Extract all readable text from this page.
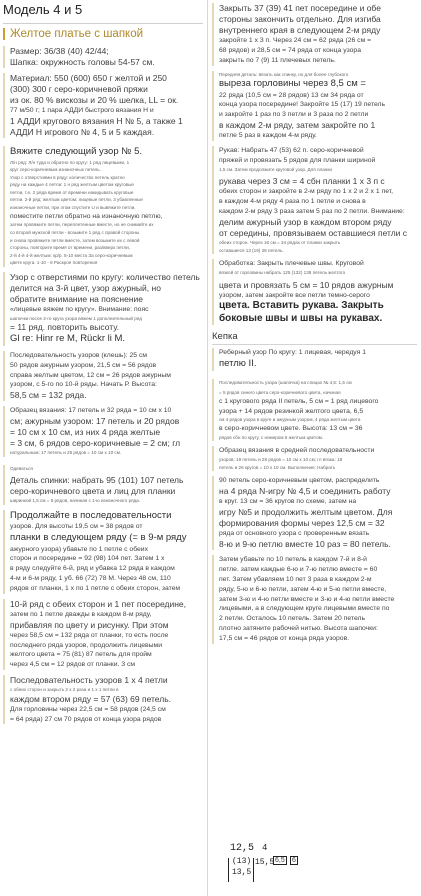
Модель 4 и 5
Желтое платье с шапкой
Размер: 36/38 (40) 42/44;
Шапка: окружность головы 54-57 см.
Материал: 550 (600) 650 г желтой и 250
(300) 300 г серо-коричневой пряжи
из ок. 80 % вискозы и 20 % шелка, LL = ок.
77 м/50 г; 1 пара АДДИ быстрого вязания Н и
1 АДДИ кругового вязания Н № 5, а также 1
АДДИ Н игрового № 4, 5 и 5 каждая.
Вяжите следующий узор № 5.
Л/н ряд: Л/н туда и обратно по кругу: 1 ряд лицевыми, 1
круг серо-коричневым изнаночных петель.
Узор с отверстиями в ряду: количество петель кратно
ряду на каждые 4 петли: 1 н ряд желтым цветом круговые
петли, т.е. 2 ряда время от времени накидывать круговые
петли. 2-й ряд: желтым цветом: лицевые петли, 3 убавленные
изнаночные петли, при этом спустите U и вывяжите петли,
поместите петли обратно на изнаночную петлю,
затем провяжите петли, переплетенные вместе, но не снимайте их
со второй мужской петли - возьмите 1 ряд с правой стороны
и снова провяжите петли вместе, затем возьмите их с левой
стороны, повторите время от времени, раз/вверх петли,
2-й 4-й 4-й желтым: кр/р. 5-10 места За серо-коричневым
цвете круга. 1-10 - 6 Раскрое повторения
Узор с отверстиями по кругу: количество петель
делится на 3-й цвет, узор ажурный, но
обратите внимание на пояснение
«лицевые вяжем по кругу». Внимание: пояс
шапочки после 2-го круга узора вяжем 1 дополнительный ряд
= 11 ряд. повторить высоту.
Gl re: Hinr re M, Rückr li M.
Последовательность узоров (клешь): 25 см
50 рядов ажурным узором, 21,5 см = 56 рядов
справа желтым цветом, 12 см = 26 рядов ажурным
узором, с 5-го по 10-й ряды. Начать Р. Высота:
58,5 см = 132 ряда.
Образец вязания: 17 петель и 32 ряда = 10 см x 10
см; ажурным узором: 17 петель и 20 рядов
= 10 см x 10 см, из них 4 ряда желтые
= 3 см, 6 рядов серо-коричневые = 2 см; гл
натуральным: 17 петель и 26 рядов = 10 см х 10 см.
Одеваться
Деталь спинки: набрать 95 (101) 107 петель
серо-коричневого цвета и лиц для планки
ширинкой 1,5 см = 5 рядов, начиная с 1-ю изнаночного ряда.
Продолжайте в последовательности
узоров. Для высоты 19,5 см = 38 рядов от
планки в следующем ряду (= в 9-м ряду
ажурного узора) убавьте по 1 петле с обеих
сторон и посередине = 92 (98) 104 пет. Затем 1 х
в ряду следуйте 6-й, ряд и убавка 12 ряда в каждом
4-м и 6-м ряду, 1 уб. 66 (72) 78 М. Через 48 см, 110
рядов от планки, 1 х по 1 петле с обеих сторон, затем
10-й ряд с обеих сторон и 1 пет посередине,
затем по 1 петле дважды в каждом 8-м ряду,
прибавляя по цвету и рисунку. При этом
через 58,5 см = 132 ряда от планки, то есть после
последнего ряда узоров, продолжить лицевыми
желтого цвета = 75 (81) 87 петель для пройм
через 4,5 см = 12 рядов от планки. 3 см
Последовательность узоров 1 х 4 петли
с обеих сторон и закрыть 2 х 2 раза и 1 х 1 петли в
каждом втором ряду = 57 (63) 69 петель.
Для горловины через 22,5 см = 58 рядов (24,5 см
= 64 ряда) 27 см 70 рядов от конца узора рядов
Закрыть 37 (39) 41 пет посередине и обе
стороны закончить отдельно. Для изгиба
внутреннего края в следующем 2-м ряду
закройте 1 х 3 п. Через 24 см = 62 ряда (26 см =
68 рядов) и 28,5 см = 74 ряда от конца узора
закрыть по 7 (9) 11 плечевых петель.
Передняя деталь: вязать как спинку, но для более глубокого
выреза горловины через 8,5 см =
22 ряда (10,5 см = 28 рядов) 13 см 34 ряда от
конца узора посередине! Закройте 15 (17) 19 петель
и закройте 1 раз по 3 петли и 3 раза по 2 петли
в каждом 2-м ряду, затем закройте по 1
петле 5 раз в каждом 4-м ряду.
Рукав: Набрать 47 (53) 62 п. серо-коричневой
пряжей и провязать 5 рядов для планки шириной
1,5 см. Затем продолжите круговой узор. Для планки
рукава через 3 см = 4 сбн планки 1 х 3 п с
обеих сторон и закройте в 2-м ряду по 1 х 2 и 2 х 1 пет,
в каждом 4-м ряду 4 раза по 1 петле и снова в
каждом 2-м ряду 3 раза затем 5 раз по 2 петли. Внимание:
делим ажурный узор в каждом втором ряду
от середины, провязываем оставшиеся петли с
обеих сторон. Через 16 см = 34 рядах от планки закрыть
оставшиеся 13 (19) 28 петель.
Обработка: Закрыть плечевые швы. Круговой
вязкой от горловины набрать 125 (132) 138 петель желтого
цвета и провязать 5 см = 10 рядов ажурным
узором, затем закройте все петли темно-серого
цвета. Вставить рукава. Закрыть
боковые швы и швы на рукавах.
Кепка
Реберный узор По кругу: 1 лицевая, чередуя 1
петлю II.
Последовательность узора (шапочка) на спицах № 4,5: 1,5 см
= 5 рядов синего цвета серо-коричневого цвета, начиная
с 1 кругового ряда II петель, 5 см = 1 ряд лицевого
узора + 14 рядов резинкой желтого цвета, 6,5
см 4 рядов узора в круге и ажурным узором, 4 ряда желтым цвета
в серо-коричневом цвете. Высота: 13 см = 36
рядов сбн по кругу, с номером 5 желтым цветом.
Образец вязания в средней последовательности
узоров: 19 петель и 28 рядов = 10 см x 10 см; гл вязка: 18
петель и 26 кругов = 10 х 10 см. Выполнение: Набрать
90 петель серо-коричневым цветом, распределить
на 4 ряда N-игру № 4,5 и соединить работу
в круг. 13 см = 36 кругов по схеме, затем на
игру №5 и продолжить желтым цветом. Для
формирования формы через 12,5 см = 32
ряда от основного узора с проверенным вязать
8-ю и 9-ю петлю вместе 10 раз = 80 петель.
Затем убавьте по 10 петель в каждом 7-й и 8-й
петле. затем каждые 6-ю и 7-ю петлю вместе = 60
пет. Затем убавляем 10 пет 3 раза в каждом 2-м
ряду, 5-ю и 6-ю петли, затем 4-ю и 5-ю петли вместе,
затем 3-ю и 4-ю петли вместе и 3-ю и 4-ю петли вместе
лицевыми, а в следующем круге лицевыми вместе по
2 петли. Осталось 10 петель. Затем 20 петель
плотно затяните рабочей нитью. Высота шапочки:
17,5 см = 46 рядов от конца ряда узоров.
12,5 4
(13) 15,5 6,5 6
13,5
